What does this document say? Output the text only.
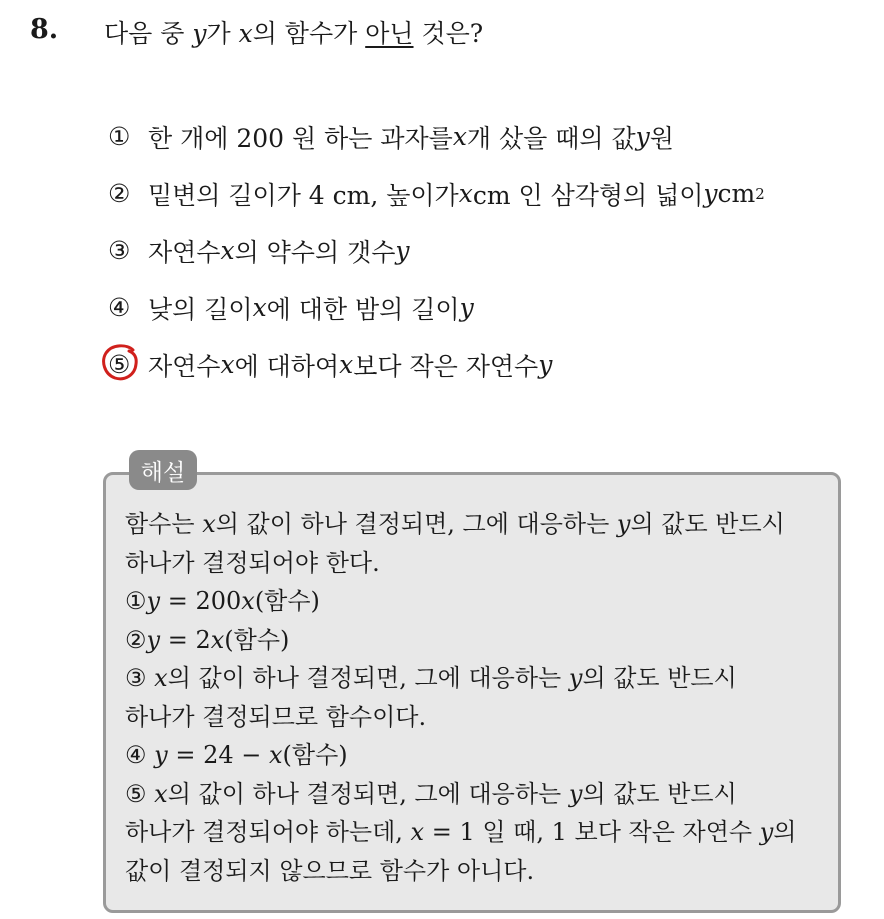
8. 다음 중 y가 x의 함수가 아닌 것은?
① 한 개에 200 원 하는 과자를 x 개 샀을 때의 값 y 원
② 밑변의 길이가 4 cm, 높이가 x cm 인 삼각형의 넓이 y cm 2
③ 자연수 x 의 약수의 갯수 y
④ 낮의 길이 x 에 대한 밤의 길이 y
⑤ 자연수 x 에 대하여 x 보다 작은 자연수 y
해설
함수는 x의 값이 하나 결정되면, 그에 대응하는 y의 값도 반드시
하나가 결정되어야 한다.
①y = 200x(함수)
②y = 2x(함수)
③ x의 값이 하나 결정되면, 그에 대응하는 y의 값도 반드시
하나가 결정되므로 함수이다.
④ y = 24 − x(함수)
⑤ x의 값이 하나 결정되면, 그에 대응하는 y의 값도 반드시
하나가 결정되어야 하는데, x = 1 일 때, 1 보다 작은 자연수 y의
값이 결정되지 않으므로 함수가 아니다.
